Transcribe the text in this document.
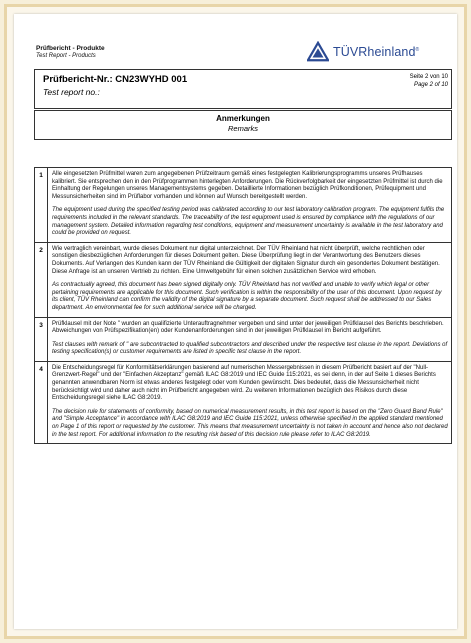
Prüfbericht - Produkte
Test Report - Products	TÜVRheinland®
Prüfbericht-Nr.: CN23WYHD 001
Test report no.:
Seite 2 von 10
Page 2 of 10
Anmerkungen
Remarks
1	Alle eingesetzten Prüfmittel waren zum angegebenen Prüfzeitraum gemäß eines festgelegten Kalibrierungsprogramms unseres Prüfhauses kalibriert. Sie entsprechen den in den Prüfprogrammen hinterlegten Anforderungen. Die Rückverfolgbarkeit der eingesetzten Prüfmittel ist durch die Einhaltung der Regelungen unseres Managementsystems gegeben. Detaillierte Informationen bezüglich Prüfkonditionen, Prüfequipment und Messunsicherheiten sind im Prüflabor vorhanden und können auf Wunsch bereitgestellt werden.

The equipment used during the specified testing period was calibrated according to our test laboratory calibration program. The equipment fulfils the requirements included in the relevant standards. The traceability of the test equipment used is ensured by compliance with the regulations of our management system. Detailed information regarding test conditions, equipment and measurement uncertainty is available in the test laboratory and could be provided on request.

2	Wie vertraglich vereinbart, wurde dieses Dokument nur digital unterzeichnet. Der TÜV Rheinland hat nicht überprüft, welche rechtlichen oder sonstigen diesbezüglichen Anforderungen für dieses Dokument gelten. Diese Überprüfung liegt in der Verantwortung des Benutzers dieses Dokuments. Auf Verlangen des Kunden kann der TÜV Rheinland die Gültigkeit der digitalen Signatur durch ein gesondertes Dokument bestätigen. Diese Anfrage ist an unseren Vertrieb zu richten. Eine Umweltgebühr für einen solchen zusätzlichen Service wird erhoben.

As contractually agreed, this document has been signed digitally only. TÜV Rheinland has not verified and unable to verify which legal or other pertaining requirements are applicable for this document. Such verification is within the responsibility of the user of this document. Upon request by its client, TÜV Rheinland can confirm the validity of the digital signature by a separate document. Such request shall be addressed to our Sales department. An environmental fee for such additional service will be charged.

3	Prüfklausel mit der Note " wurden an qualifizierte Unterauftragnehmer vergeben und sind unter der jeweiligen Prüfklausel des Berichts beschrieben. Abweichungen von Prüfspezifikation(en) oder Kundenanforderungen sind in der jeweiligen Prüfklausel im Bericht aufgeführt.

Test clauses with remark of " are subcontracted to qualified subcontractors and described under the respective test clause in the report. Deviations of testing specification(s) or customer requirements are listed in specific test clause in the report.

4	Die Entscheidungsregel für Konformitätserklärungen basierend auf numerischen Messergebnissen in diesem Prüfbericht basiert auf der "Null-Grenzwert-Regel" und der "Einfachen Akzeptanz" gemäß ILAC G8:2019 und IEC Guide 115:2021, es sei denn, in der auf Seite 1 dieses Berichts genannten anwendbaren Norm ist etwas anderes festgelegt oder vom Kunden gewünscht. Dies bedeutet, dass die Messunsicherheit nicht berücksichtigt wird und daher auch nicht im Prüfbericht angegeben wird. Zu weiteren Informationen bezüglich des Risikos durch diese Entscheidungsregel siehe ILAC G8:2019.

The decision rule for statements of conformity, based on numerical measurement results, in this test report is based on the "Zero Guard Band Rule" and "Simple Acceptance" in accordance with ILAC G8:2019 and IEC Guide 115:2021, unless otherwise specified in the applied standard mentioned on Page 1 of this report or requested by the customer. This means that measurement uncertainty is not taken in account and hence also not declared in the test report. For additional information to the resulting risk based of this decision rule please refer to ILAC G8:2019.
